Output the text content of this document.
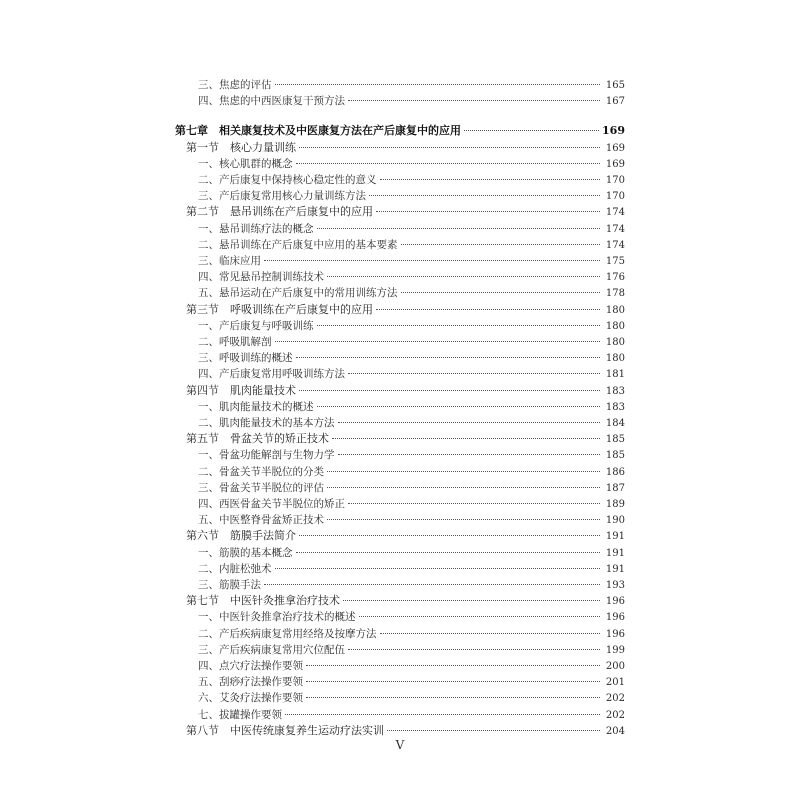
三、焦虑的评估	165
四、焦虑的中西医康复干预方法	167
第七章　相关康复技术及中医康复方法在产后康复中的应用	169
第一节　核心力量训练	169
一、核心肌群的概念	169
二、产后康复中保持核心稳定性的意义	170
三、产后康复常用核心力量训练方法	170
第二节　悬吊训练在产后康复中的应用	174
一、悬吊训练疗法的概念	174
二、悬吊训练在产后康复中应用的基本要素	174
三、临床应用	175
四、常见悬吊控制训练技术	176
五、悬吊运动在产后康复中的常用训练方法	178
第三节　呼吸训练在产后康复中的应用	180
一、产后康复与呼吸训练	180
二、呼吸肌解剖	180
三、呼吸训练的概述	180
四、产后康复常用呼吸训练方法	181
第四节　肌肉能量技术	183
一、肌肉能量技术的概述	183
二、肌肉能量技术的基本方法	184
第五节　骨盆关节的矫正技术	185
一、骨盆功能解剖与生物力学	185
二、骨盆关节半脱位的分类	186
三、骨盆关节半脱位的评估	187
四、西医骨盆关节半脱位的矫正	189
五、中医整脊骨盆矫正技术	190
第六节　筋膜手法简介	191
一、筋膜的基本概念	191
二、内脏松弛术	191
三、筋膜手法	193
第七节　中医针灸推拿治疗技术	196
一、中医针灸推拿治疗技术的概述	196
二、产后疾病康复常用经络及按摩方法	196
三、产后疾病康复常用穴位配伍	199
四、点穴疗法操作要领	200
五、刮痧疗法操作要领	201
六、艾灸疗法操作要领	202
七、拔罐操作要领	202
第八节　中医传统康复养生运动疗法实训	204
V
